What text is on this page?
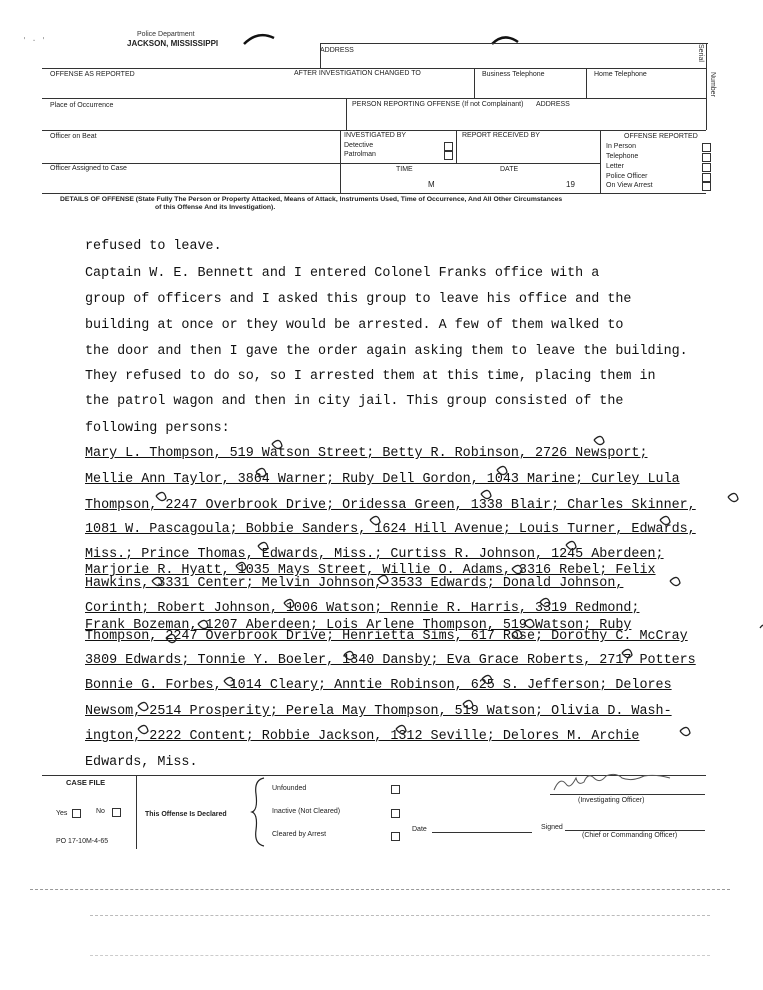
' · '
Police Department
JACKSON, MISSISSIPPI
ADDRESS	Serial
Number
OFFENSE AS REPORTED	AFTER INVESTIGATION CHANGED TO	Business Telephone	Home Telephone
Place of Occurrence	PERSON REPORTING OFFENSE (If not Complainant)	ADDRESS
Officer on Beat	INVESTIGATED BY
Detective
Patrolman
REPORT RECEIVED BY	OFFENSE REPORTED
In Person
Telephone
Letter
Police Officer
On View Arrest
Officer Assigned to Case	TIME	DATE
M	19
DETAILS OF OFFENSE (State Fully The Person or Property Attacked, Means of Attack, Instruments Used, Time of Occurrence, And All Other Circumstances
of this Offense And its Investigation).
refused to leave.
Captain W. E. Bennett and I entered Colonel Franks office with a
group of officers and I asked this group to leave his office and the
building at once or they would be arrested. A few of them walked to
the door and then I gave the order again asking them to leave the building.
They refused to do so, so I arrested them at this time, placing them in
the patrol wagon and then in city jail. This group consisted of the
following persons:
Mary L. Thompson, 519 Watson Street; Betty R. Robinson, 2726 Newsport;
Mellie Ann Taylor, 3864 Warner; Ruby Dell Gordon, 1043 Marine; Curley Lula
Thompson, 2247 Overbrook Drive; Oridessa Green, 1338 Blair; Charles Skinner,
1081 W. Pascagoula; Bobbie Sanders, 1624 Hill Avenue; Louis Turner, Edwards,
Miss.; Prince Thomas, Edwards, Miss.; Curtiss R. Johnson, 1245 Aberdeen;
Marjorie R. Hyatt, 1035 Mays Street, Willie O. Adams, 3316 Rebel; Felix
Hawkins, 3331 Center; Melvin Johnson, 3533 Edwards; Donald Johnson,
Corinth; Robert Johnson, 1006 Watson; Rennie R. Harris, 3319 Redmond;
Frank Bozeman, 1207 Aberdeen; Lois Arlene Thompson, 519 Watson; Ruby
Thompson, 2247 Overbrook Drive; Henrietta Sims, 617 Rose; Dorothy C. McCray
3809 Edwards; Tonnie Y. Boeler, 1340 Dansby; Eva Grace Roberts, 2717 Potters
Bonnie G. Forbes, 1014 Cleary; Anntie Robinson, 625 S. Jefferson; Delores
Newsom, 2514 Prosperity; Perela May Thompson, 519 Watson; Olivia D. Wash-
ington, 2222 Content; Robbie Jackson, 1312 Seville; Delores M. Archie
Edwards, Miss.
CASE FILE
Yes	No
PO 17-10M-4-65
This Offense Is Declared
Unfounded
Inactive (Not Cleared)
Cleared by Arrest
Date	Signed
(Investigating Officer)
(Chief or Commanding Officer)
